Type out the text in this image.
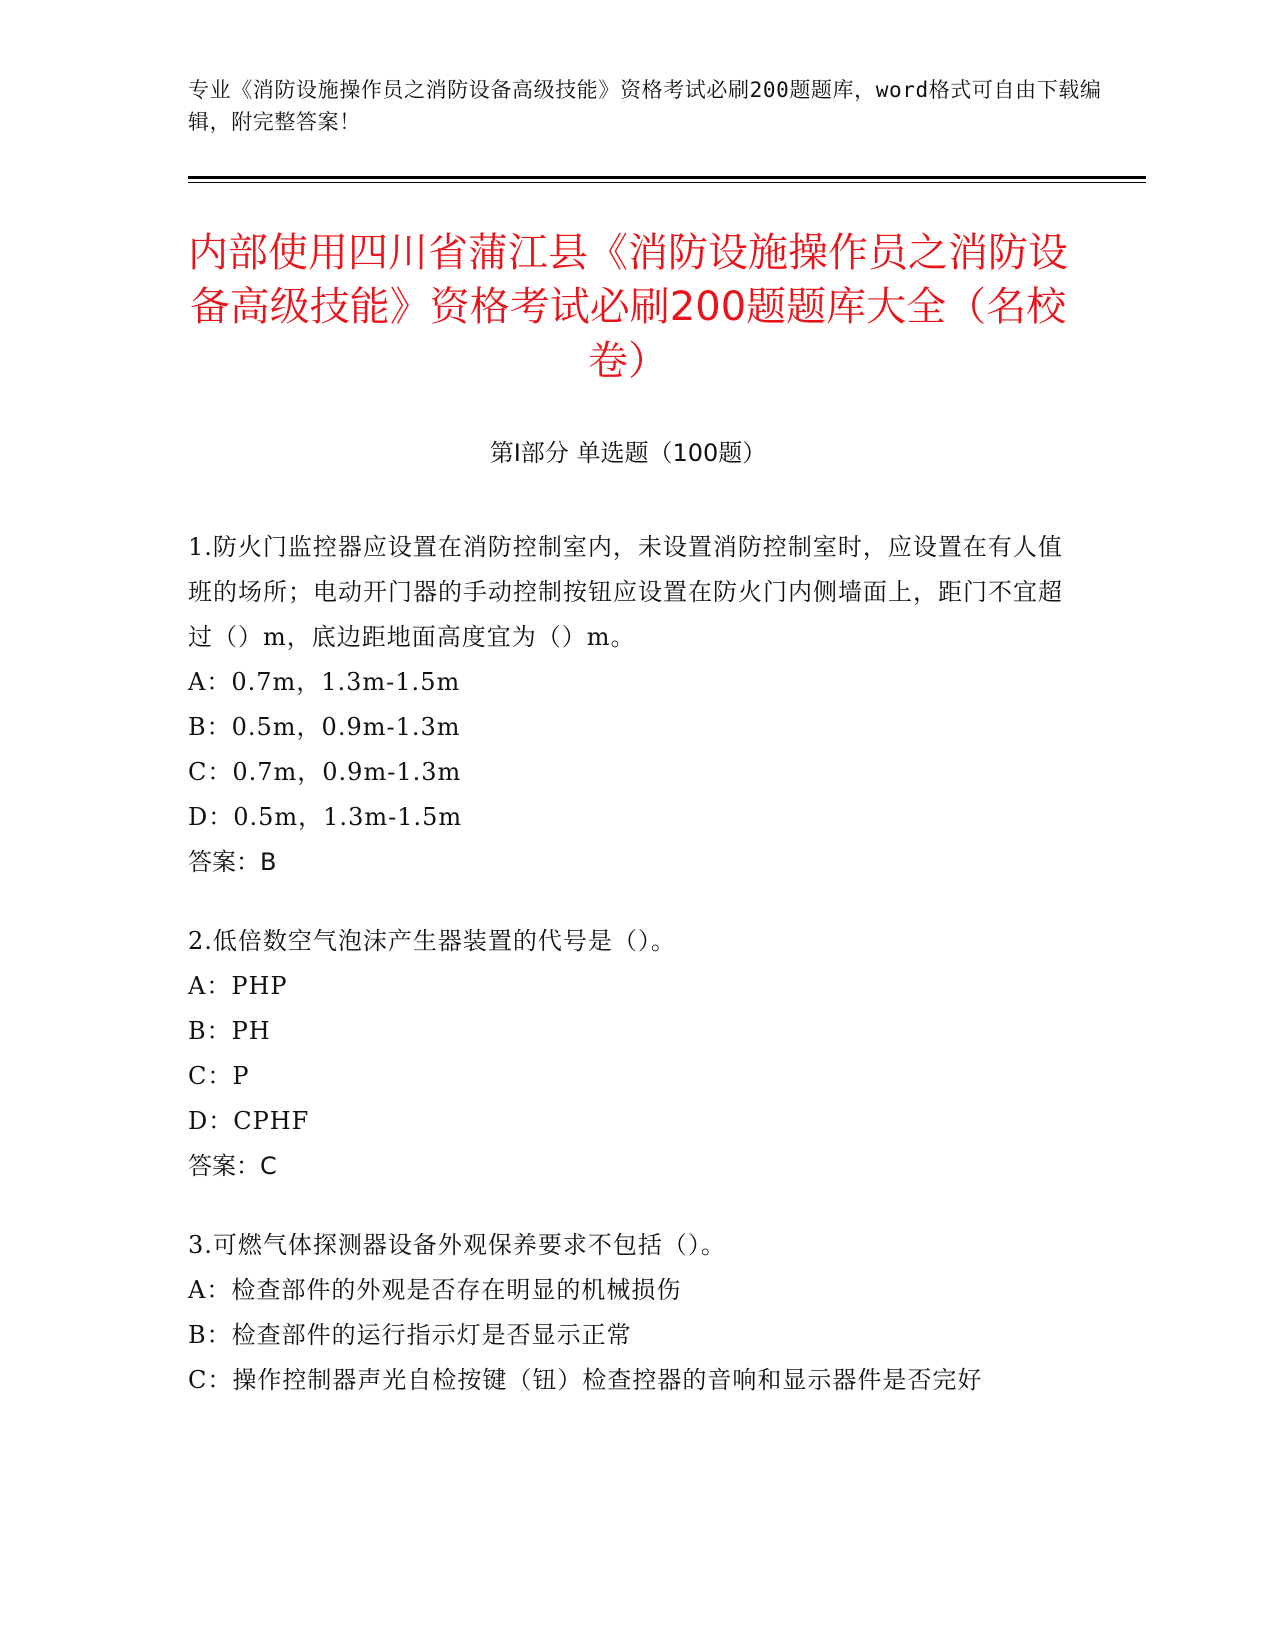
专业《消防设施操作员之消防设备高级技能》资格考试必刷200题题库，word格式可自由下载编辑，附完整答案！
内部使用四川省蒲江县《消防设施操作员之消防设备高级技能》资格考试必刷200题题库大全（名校卷）
第I部分 单选题（100题）

1.防火门监控器应设置在消防控制室内，未设置消防控制室时，应设置在有人值班的场所；电动开门器的手动控制按钮应设置在防火门内侧墙面上，距门不宜超过（）m，底边距地面高度宜为（）m。

A：0.7m，1.3m-1.5m

B：0.5m，0.9m-1.3m

C：0.7m，0.9m-1.3m

D：0.5m，1.3m-1.5m

答案：B

2.低倍数空气泡沫产生器装置的代号是（）。

A：PHP

B：PH

C：P

D：CPHF

答案：C

3.可燃气体探测器设备外观保养要求不包括（）。

A：检查部件的外观是否存在明显的机械损伤

B：检查部件的运行指示灯是否显示正常

C：操作控制器声光自检按键（钮）检查控器的音响和显示器件是否完好
